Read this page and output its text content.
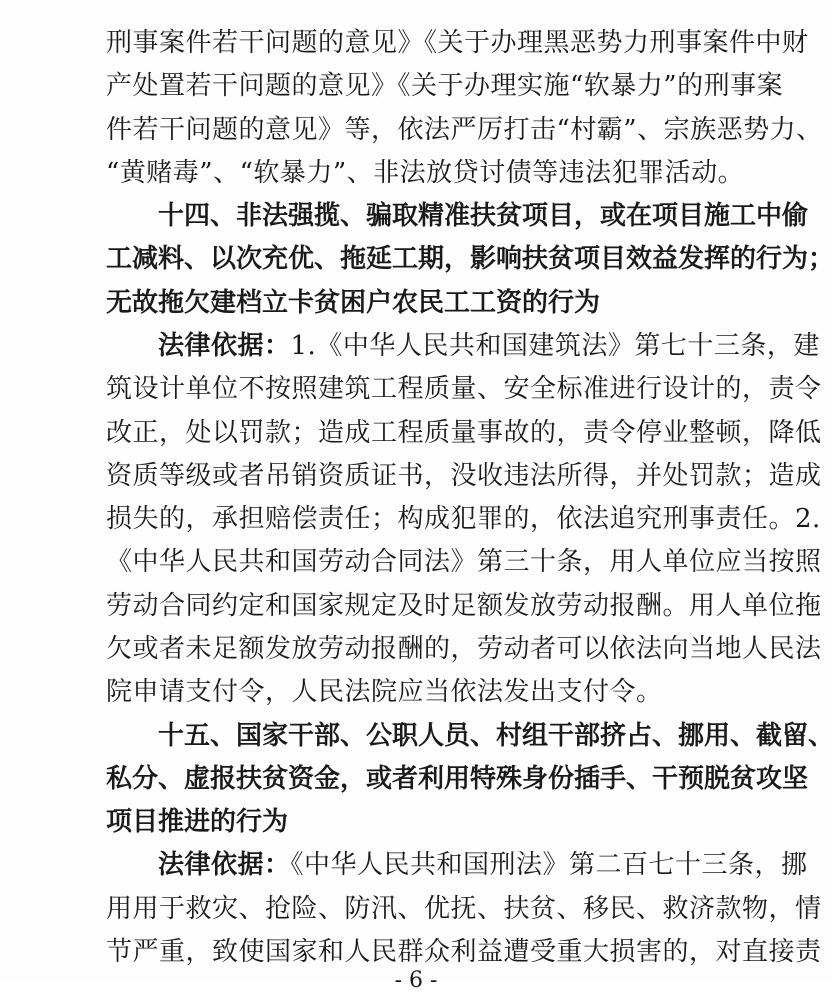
刑事案件若干问题的意见》《关于办理黑恶势力刑事案件中财
产处置若干问题的意见》《关于办理实施“软暴力”的刑事案
件若干问题的意见》等，依法严厉打击“村霸”、宗族恶势力、
“黄赌毒”、“软暴力”、非法放贷讨债等违法犯罪活动。
十四、非法强揽、骗取精准扶贫项目，或在项目施工中偷
工减料、以次充优、拖延工期，影响扶贫项目效益发挥的行为；
无故拖欠建档立卡贫困户农民工工资的行为
法律依据：1.《中华人民共和国建筑法》第七十三条，建
筑设计单位不按照建筑工程质量、安全标准进行设计的，责令
改正，处以罚款；造成工程质量事故的，责令停业整顿，降低
资质等级或者吊销资质证书，没收违法所得，并处罚款；造成
损失的，承担赔偿责任；构成犯罪的，依法追究刑事责任。2.
《中华人民共和国劳动合同法》第三十条，用人单位应当按照
劳动合同约定和国家规定及时足额发放劳动报酬。用人单位拖
欠或者未足额发放劳动报酬的，劳动者可以依法向当地人民法
院申请支付令，人民法院应当依法发出支付令。
十五、国家干部、公职人员、村组干部挤占、挪用、截留、
私分、虚报扶贫资金，或者利用特殊身份插手、干预脱贫攻坚
项目推进的行为
法律依据：《中华人民共和国刑法》第二百七十三条，挪
用用于救灾、抢险、防汛、优抚、扶贫、移民、救济款物，情
节严重，致使国家和人民群众利益遭受重大损害的，对直接责
- 6 -
